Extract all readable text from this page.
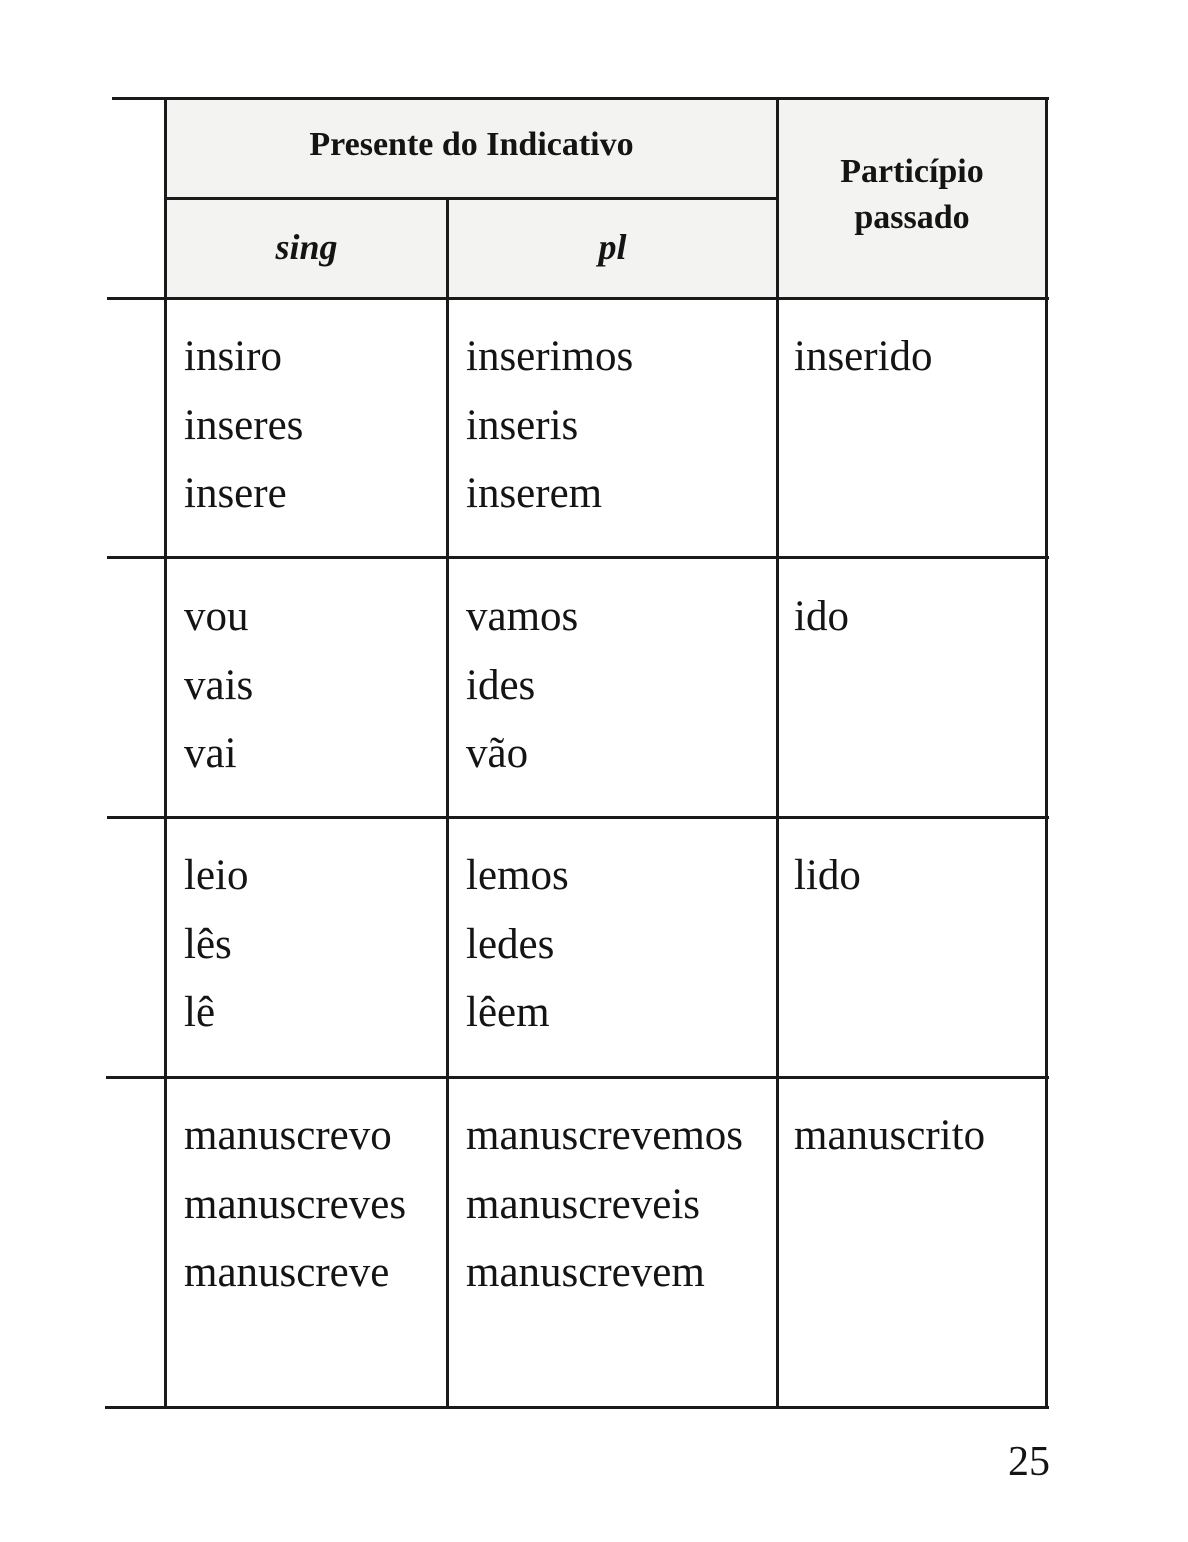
Presente do Indicativo
sing	pl
Particípio
passado
insiro
inseres
insere
inserimos
inseris
inserem
inserido
vou
vais
vai
vamos
ides
vão
ido
leio
lês
lê
lemos
ledes
lêem
lido
manuscrevo
manuscreves
manuscreve
manuscrevemos
manuscreveis
manuscrevem
manuscrito
25
